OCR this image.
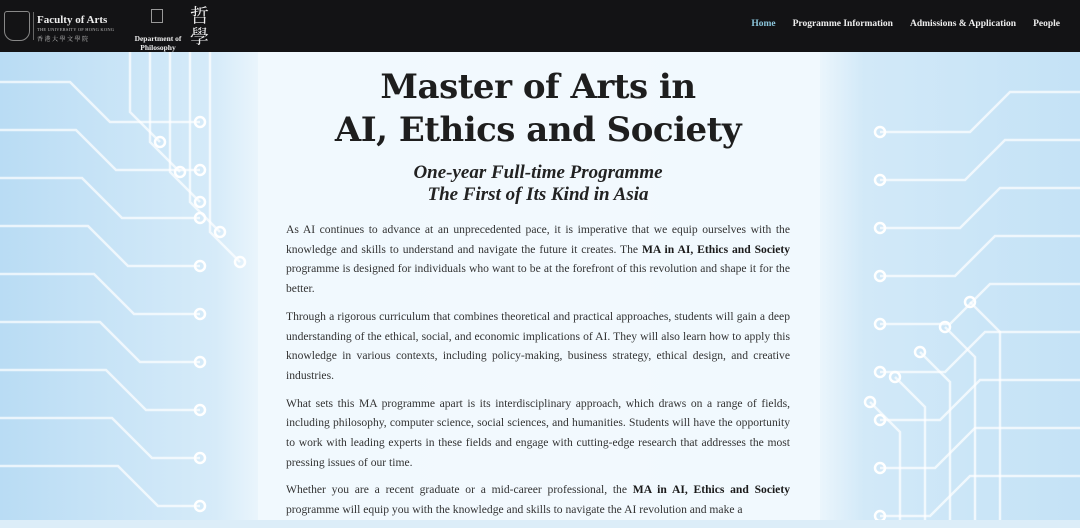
Faculty of Arts
THE UNIVERSITY OF HONG KONG
香港大學文學院	Department of
Philosophy
哲學
Home Programme Information Admissions & Application People
Master of Arts in
AI, Ethics and Society
One-year Full-time Programme
The First of Its Kind in Asia

As AI continues to advance at an unprecedented pace, it is imperative that we equip ourselves with the knowledge and skills to understand and navigate the future it creates. The MA in AI, Ethics and Society programme is designed for individuals who want to be at the forefront of this revolution and shape it for the better.

Through a rigorous curriculum that combines theoretical and practical approaches, students will gain a deep understanding of the ethical, social, and economic implications of AI. They will also learn how to apply this knowledge in various contexts, including policy-making, business strategy, ethical design, and creative industries.

What sets this MA programme apart is its interdisciplinary approach, which draws on a range of fields, including philosophy, computer science, social sciences, and humanities. Students will have the opportunity to work with leading experts in these fields and engage with cutting-edge research that addresses the most pressing issues of our time.

Whether you are a recent graduate or a mid-career professional, the MA in AI, Ethics and Society programme will equip you with the knowledge and skills to navigate the AI revolution and make a
